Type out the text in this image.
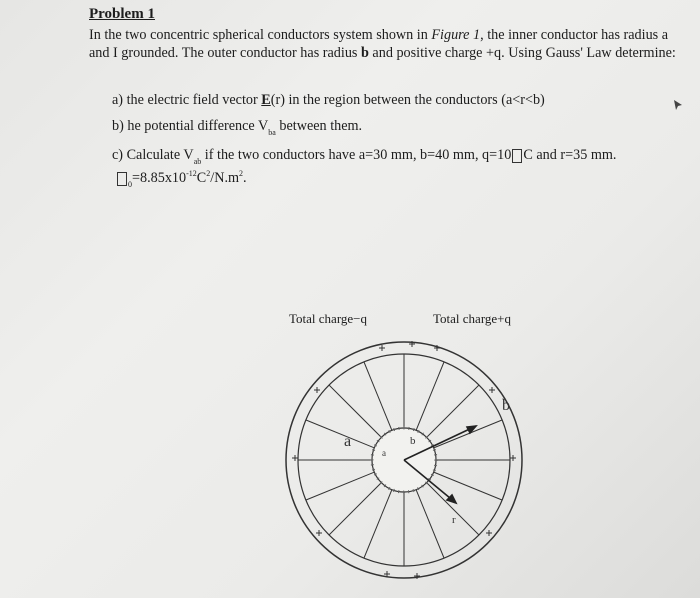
Problem 1
In the two concentric spherical conductors system shown in Figure 1, the inner conductor has radius a and I grounded. The outer conductor has radius b and positive charge +q. Using Gauss' Law determine:
a) the electric field vector E(r) in the region between the conductors (a<r<b)
b) he potential difference $V_{ba}$ between them.
c) Calculate $V_{ab}$ if the two conductors have a=30 mm, b=40 mm, q=10 C and r=35 mm.
$_0=8.85x10^{-12}C^2/N.m^2$.
Total charge−q	Total charge+q
a	b
b
a
r
